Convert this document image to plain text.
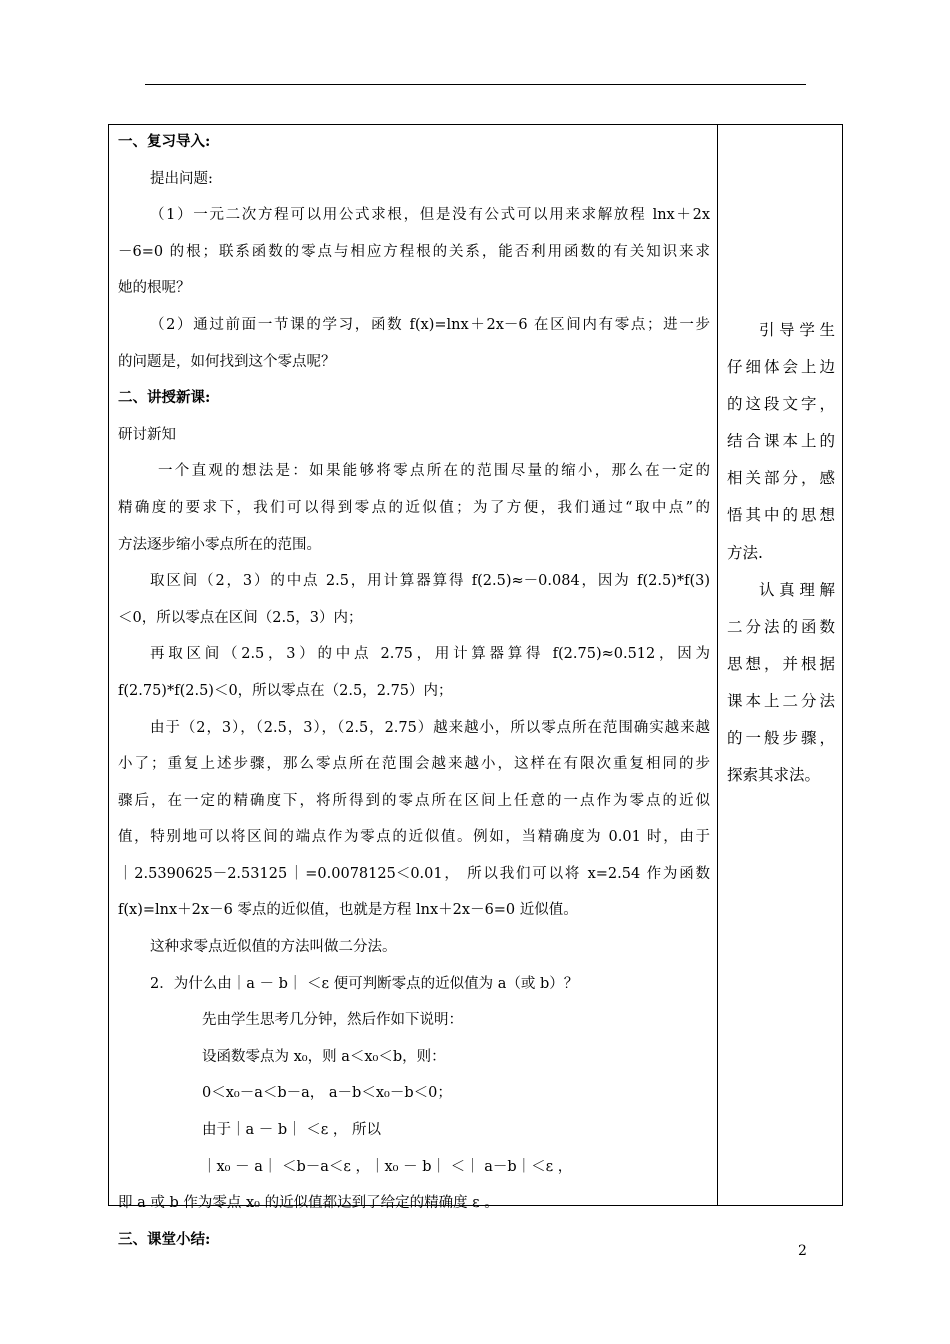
一、复习导入:
提出问题:
（1）一元二次方程可以用公式求根，但是没有公式可以用来求解放程 lnx＋2x
－6=0 的根；联系函数的零点与相应方程根的关系，能否利用函数的有关知识来求
她的根呢？
（2）通过前面一节课的学习，函数 f(x)=lnx＋2x－6 在区间内有零点；进一步
的问题是，如何找到这个零点呢？
二、讲授新课:
研讨新知
一个直观的想法是：如果能够将零点所在的范围尽量的缩小，那么在一定的
精确度的要求下，我们可以得到零点的近似值；为了方便，我们通过“取中点”的
方法逐步缩小零点所在的范围。
取区间（2，3）的中点 2.5，用计算器算得 f(2.5)≈－0.084，因为 f(2.5)*f(3)
＜0，所以零点在区间（2.5，3）内；
再取区间（2.5，3）的中点 2.75，用计算器算得 f(2.75)≈0.512，因为
f(2.75)*f(2.5)＜0，所以零点在（2.5，2.75）内；
由于（2，3），（2.5，3），（2.5，2.75）越来越小，所以零点所在范围确实越来越
小了；重复上述步骤，那么零点所在范围会越来越小，这样在有限次重复相同的步
骤后，在一定的精确度下，将所得到的零点所在区间上任意的一点作为零点的近似
值，特别地可以将区间的端点作为零点的近似值。例如，当精确度为 0.01 时，由于
｜2.5390625－2.53125｜=0.0078125＜0.01， 所以我们可以将 x=2.54 作为函数
f(x)=lnx＋2x－6 零点的近似值，也就是方程 lnx＋2x－6=0 近似值。
这种求零点近似值的方法叫做二分法。
2．为什么由｜a － b｜ ＜ε 便可判断零点的近似值为 a（或 b）？
先由学生思考几分钟，然后作如下说明：
设函数零点为 x₀，则 a＜x₀＜b，则：
0＜x₀－a＜b－a， a－b＜x₀－b＜0；
由于｜a － b｜ ＜ε ， 所以
｜x₀ － a｜ ＜b－a＜ε ，｜x₀ － b｜ ＜｜ a－b｜＜ε ，
即 a 或 b 作为零点 x₀ 的近似值都达到了给定的精确度 ε 。
三、课堂小结:
引导学生
仔细体会上边
的这段文字，
结合课本上的
相关部分，感
悟其中的思想
方法.
认真理解
二分法的函数
思想，并根据
课本上二分法
的一般步骤，
探索其求法。
2
